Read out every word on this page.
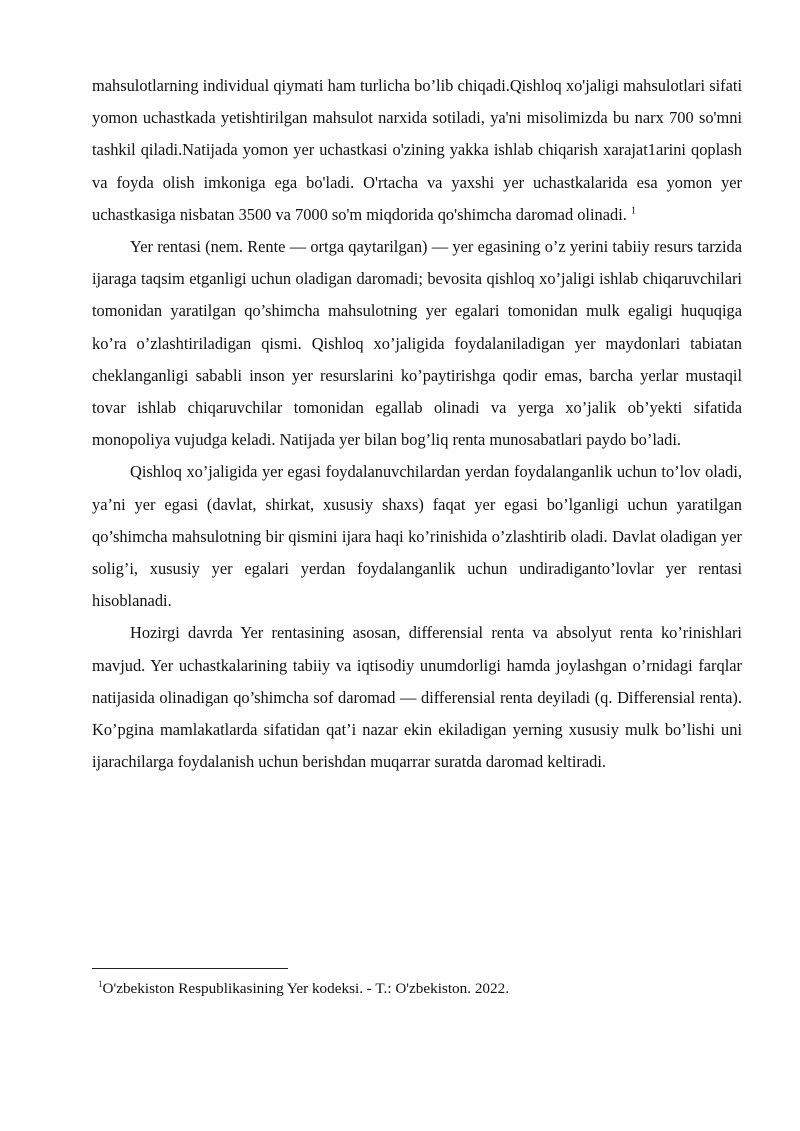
mahsulotlarning individual qiymati ham turlicha bo’lib chiqadi.Qishloq xo'jaligi mahsulotlari sifati yomon uchastkada yetishtirilgan mahsulot narxida sotiladi, ya'ni misolimizda bu narx 700 so'mni tashkil qiladi.Natijada yomon yer uchastkasi o'zining yakka ishlab chiqarish xarajat1arini qoplash va foyda olish imkoniga ega bo'ladi. O'rtacha va yaxshi yer uchastkalarida esa yomon yer uchastkasiga nisbatan 3500 va 7000 so'm miqdorida qo'shimcha daromad olinadi. $^1$

Yer rentasi (nem. Rente — ortga qaytarilgan) — yer egasining o’z yerini tabiiy resurs tarzida ijaraga taqsim etganligi uchun oladigan daromadi; bevosita qishloq xo’jaligi ishlab chiqaruvchilari tomonidan yaratilgan qo’shimcha mahsulotning yer egalari tomonidan mulk egaligi huquqiga ko’ra o’zlashtiriladigan qismi. Qishloq xo’jaligida foydalaniladigan yer maydonlari tabiatan cheklanganligi sababli inson yer resurslarini ko’paytirishga qodir emas, barcha yerlar mustaqil tovar ishlab chiqaruvchilar tomonidan egallab olinadi va yerga xo’jalik ob’yekti sifatida monopoliya vujudga keladi. Natijada yer bilan bog’liq renta munosabatlari paydo bo’ladi.

Qishloq xo’jaligida yer egasi foydalanuvchilardan yerdan foydalanganlik uchun to’lov oladi, ya’ni yer egasi (davlat, shirkat, xususiy shaxs) faqat yer egasi bo’lganligi uchun yaratilgan qo’shimcha mahsulotning bir qismini ijara haqi ko’rinishida o’zlashtirib oladi. Davlat oladigan yer solig’i, xususiy yer egalari yerdan foydalanganlik uchun undiradiganto’lovlar yer rentasi hisoblanadi.

Hozirgi davrda Yer rentasining asosan, differensial renta va absolyut renta ko’rinishlari mavjud. Yer uchastkalarining tabiiy va iqtisodiy unumdorligi hamda joylashgan o’rnidagi farqlar natijasida olinadigan qo’shimcha sof daromad — differensial renta deyiladi (q. Differensial renta). Ko’pgina mamlakatlarda sifatidan qat’i nazar ekin ekiladigan yerning xususiy mulk bo’lishi uni ijarachilarga foydalanish uchun berishdan muqarrar suratda daromad keltiradi.

$^1$O'zbekiston Respublikasining Yer kodeksi. - T.: O'zbekiston. 2022.
